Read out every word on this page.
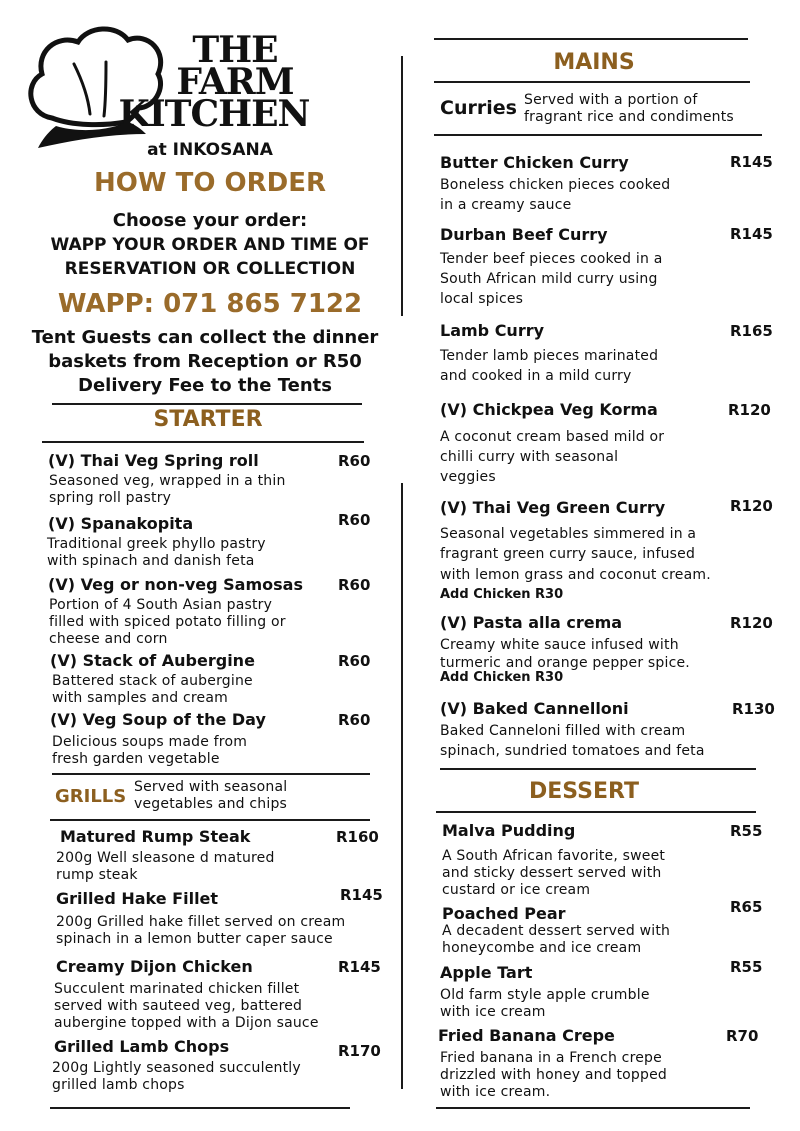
THE
FARM
KITCHEN
at INKOSANA
HOW TO ORDER
Choose your order:
WAPP YOUR ORDER AND TIME OF
RESERVATION OR COLLECTION
WAPP: 071 865 7122
Tent Guests can collect the dinner
baskets from Reception or R50
Delivery Fee to the Tents
STARTER
(V) Thai Veg Spring roll	R60
Seasoned veg, wrapped in a thin
spring roll pastry
(V) Spanakopita	R60
Traditional greek phyllo pastry
with spinach and danish feta
(V) Veg or non-veg Samosas R60
Portion of 4 South Asian pastry
filled with spiced potato filling or
cheese and corn
(V) Stack of Aubergine	R60
Battered stack of aubergine
with samples and cream
(V) Veg Soup of the Day	R60
Delicious soups made from
fresh garden vegetable
GRILLS Served with seasonal
vegetables and chips
Matured Rump Steak	R160
200g Well sleasone d matured
rump steak
Grilled Hake Fillet	R145
200g Grilled hake fillet served on cream
spinach in a lemon butter caper sauce
Creamy Dijon Chicken	R145
Succulent marinated chicken fillet
served with sauteed veg, battered
aubergine topped with a Dijon sauce
Grilled Lamb Chops	R170
200g Lightly seasoned succulently
grilled lamb chops
MAINS
Curries Served with a portion of
fragrant rice and condiments
Butter Chicken Curry	R145
Boneless chicken pieces cooked
in a creamy sauce
Durban Beef Curry	R145
Tender beef pieces cooked in a
South African mild curry using
local spices
Lamb Curry	R165
Tender lamb pieces marinated
and cooked in a mild curry
(V) Chickpea Veg Korma	R120
A coconut cream based mild or
chilli curry with seasonal
veggies
(V) Thai Veg Green Curry	R120
Seasonal vegetables simmered in a
fragrant green curry sauce, infused
with lemon grass and coconut cream.
Add Chicken R30
(V) Pasta alla crema	R120
Creamy white sauce infused with
turmeric and orange pepper spice.
Add Chicken R30
(V) Baked Cannelloni	R130
Baked Canneloni filled with cream
spinach, sundried tomatoes and feta
DESSERT
Malva Pudding	R55
A South African favorite, sweet
and sticky dessert served with
custard or ice cream
Poached Pear	R65
A decadent dessert served with
honeycombe and ice cream
Apple Tart	R55
Old farm style apple crumble
with ice cream
Fried Banana Crepe	R70
Fried banana in a French crepe
drizzled with honey and topped
with ice cream.
